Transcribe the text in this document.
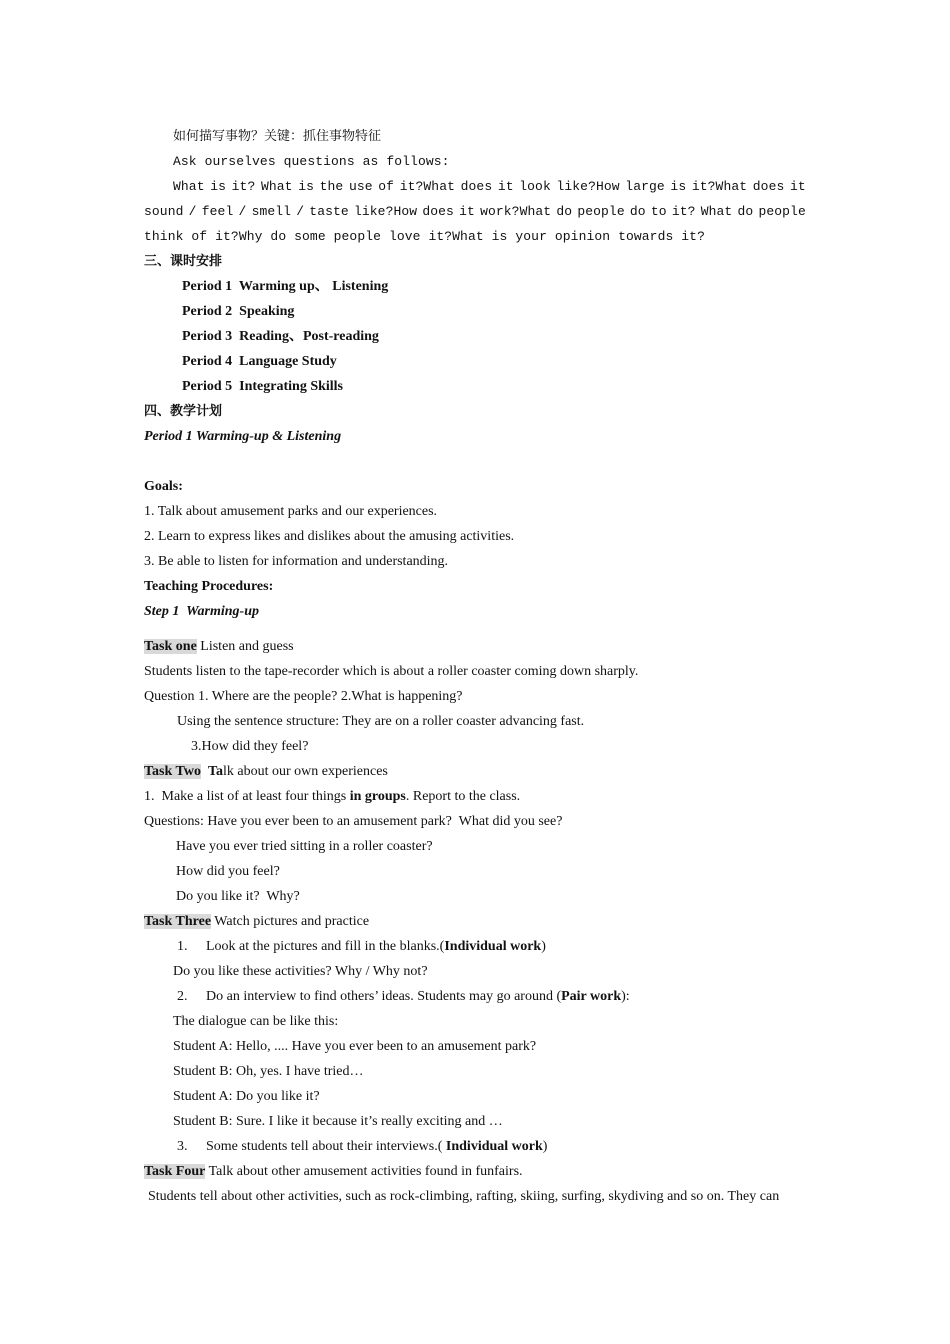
如何描写事物？关键：抓住事物特征
Ask ourselves questions as follows:
What is it? What is the use of it?What does it look like?How large is it?What does it
sound / feel / smell / taste like?How does it work?What do people do to it? What do people
think of it?Why do some people love it?What is your opinion towards it?
三、课时安排
Period 1  Warming up、 Listening
Period 2  Speaking
Period 3  Reading、Post-reading
Period 4  Language Study
Period 5  Integrating Skills
四、教学计划
Period 1 Warming-up & Listening
Goals:
1. Talk about amusement parks and our experiences.
2. Learn to express likes and dislikes about the amusing activities.
3. Be able to listen for information and understanding.
Teaching Procedures:
Step 1  Warming-up
Task one Listen and guess
Students listen to the tape-recorder which is about a roller coaster coming down sharply.
Question 1. Where are the people? 2.What is happening?
Using the sentence structure: They are on a roller coaster advancing fast.
3.How did they feel?
Task Two Talk about our own experiences
1.  Make a list of at least four things in groups. Report to the class.
Questions: Have you ever been to an amusement park?  What did you see?
Have you ever tried sitting in a roller coaster?
How did you feel?
Do you like it?  Why?
Task Three Watch pictures and practice
1. Look at the pictures and fill in the blanks.(Individual work)
Do you like these activities? Why / Why not?
2. Do an interview to find others’ ideas. Students may go around (Pair work):
The dialogue can be like this:
Student A: Hello, .... Have you ever been to an amusement park?
Student B: Oh, yes. I have tried…
Student A: Do you like it?
Student B: Sure. I like it because it’s really exciting and …
3. Some students tell about their interviews.( Individual work)
Task Four Talk about other amusement activities found in funfairs.
Students tell about other activities, such as rock-climbing, rafting, skiing, surfing, skydiving and so on. They can
